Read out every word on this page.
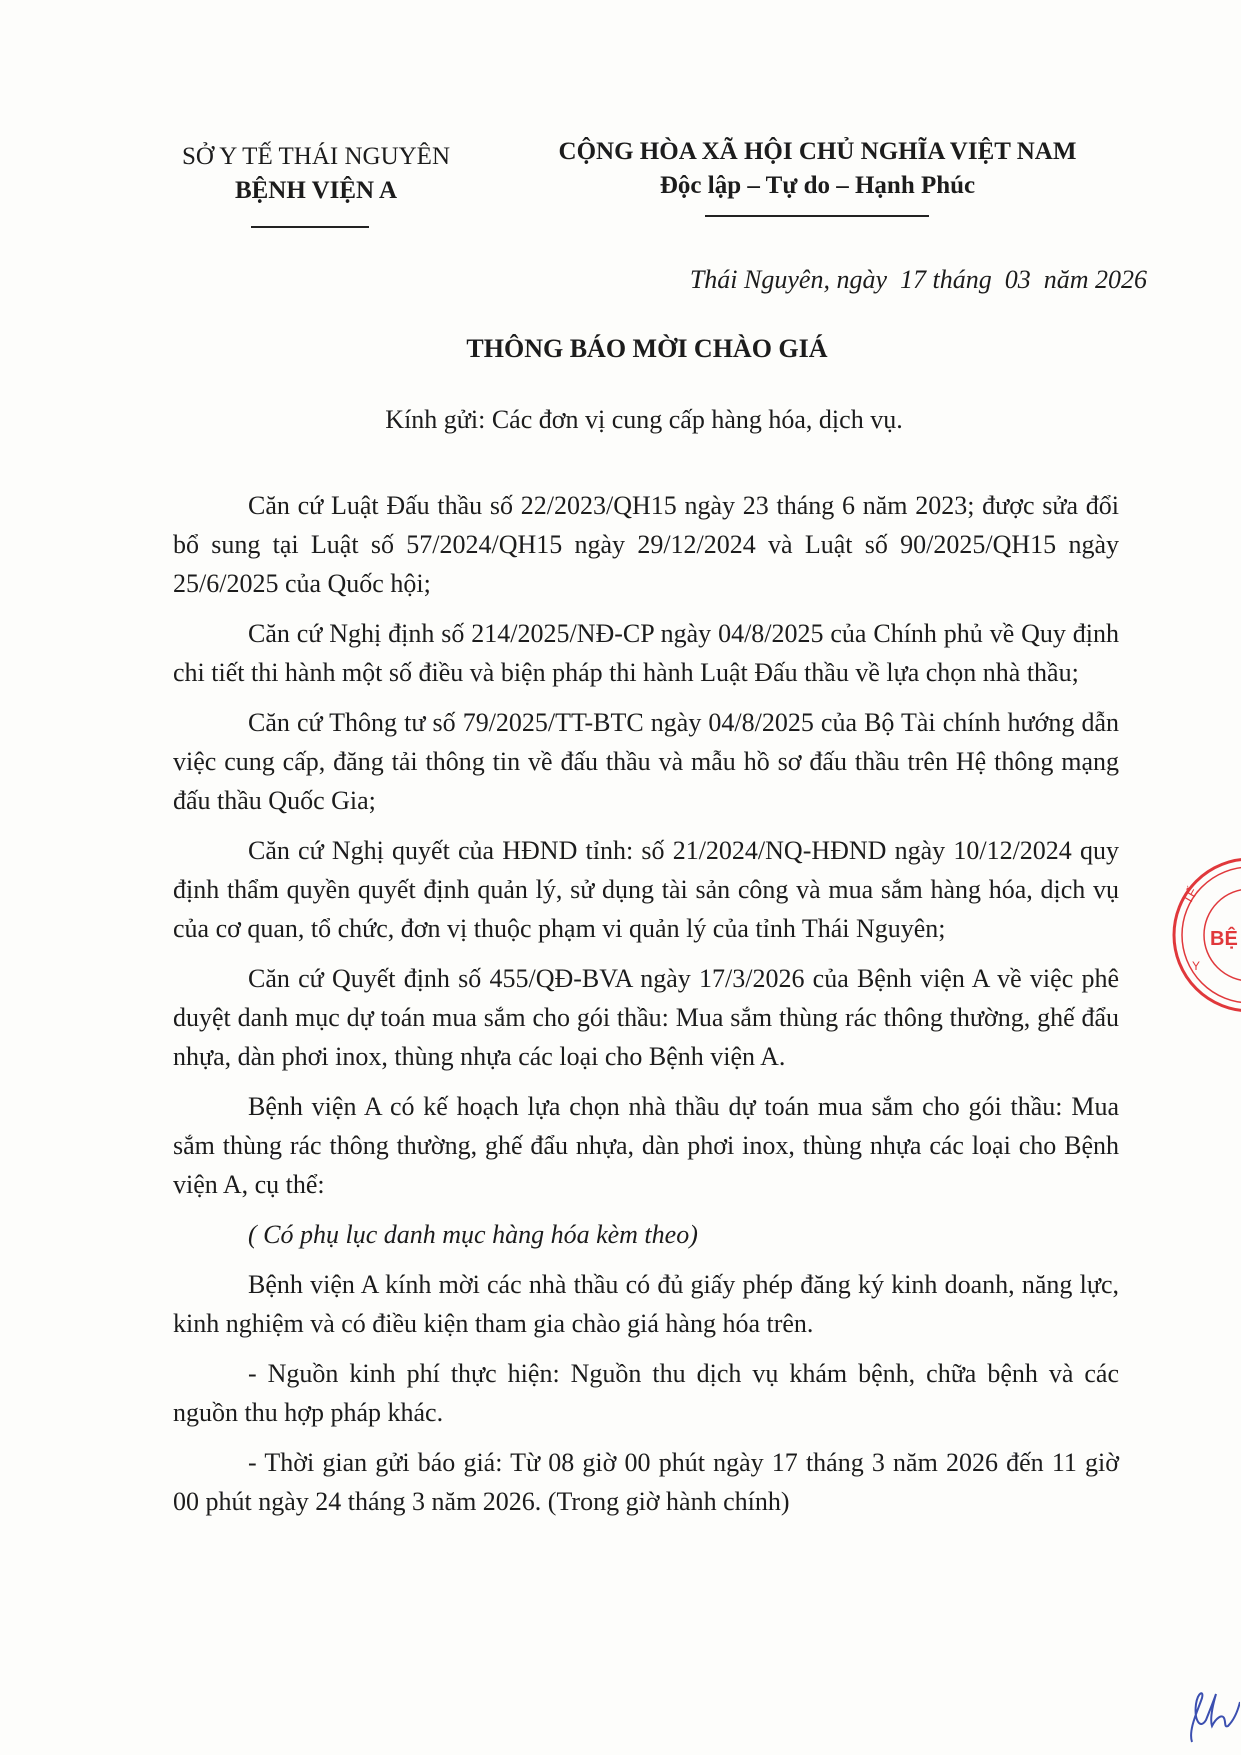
SỞ Y TẾ THÁI NGUYÊN
BỆNH VIỆN A
CỘNG HÒA XÃ HỘI CHỦ NGHĨA VIỆT NAM
Độc lập – Tự do – Hạnh Phúc
Thái Nguyên, ngày  17 tháng  03  năm 2026
THÔNG BÁO MỜI CHÀO GIÁ
Kính gửi: Các đơn vị cung cấp hàng hóa, dịch vụ.

Căn cứ Luật Đấu thầu số 22/2023/QH15 ngày 23 tháng 6 năm 2023; được sửa đổi bổ sung tại Luật số 57/2024/QH15 ngày 29/12/2024 và Luật số 90/2025/QH15 ngày 25/6/2025 của Quốc hội;

Căn cứ Nghị định số 214/2025/NĐ-CP ngày 04/8/2025 của Chính phủ về Quy định chi tiết thi hành một số điều và biện pháp thi hành Luật Đấu thầu về lựa chọn nhà thầu;

Căn cứ Thông tư số 79/2025/TT-BTC ngày 04/8/2025 của Bộ Tài chính hướng dẫn việc cung cấp, đăng tải thông tin về đấu thầu và mẫu hồ sơ đấu thầu trên Hệ thông mạng đấu thầu Quốc Gia;

Căn cứ Nghị quyết của HĐND tỉnh: số 21/2024/NQ-HĐND ngày 10/12/2024 quy định thẩm quyền quyết định quản lý, sử dụng tài sản công và mua sắm hàng hóa, dịch vụ của cơ quan, tổ chức, đơn vị thuộc phạm vi quản lý của tỉnh Thái Nguyên;

Căn cứ Quyết định số 455/QĐ-BVA ngày 17/3/2026 của Bệnh viện A về việc phê duyệt danh mục dự toán mua sắm cho gói thầu: Mua sắm thùng rác thông thường, ghế đẩu nhựa, dàn phơi inox, thùng nhựa các loại cho Bệnh viện A.

Bệnh viện A có kế hoạch lựa chọn nhà thầu dự toán mua sắm cho gói thầu: Mua sắm thùng rác thông thường, ghế đẩu nhựa, dàn phơi inox, thùng nhựa các loại cho Bệnh viện A, cụ thể:

( Có phụ lục danh mục hàng hóa kèm theo)

Bệnh viện A kính mời các nhà thầu có đủ giấy phép đăng ký kinh doanh, năng lực, kinh nghiệm và có điều kiện tham gia chào giá hàng hóa trên.

- Nguồn kinh phí thực hiện: Nguồn thu dịch vụ khám bệnh, chữa bệnh và các nguồn thu hợp pháp khác.

- Thời gian gửi báo giá: Từ 08 giờ 00 phút ngày 17 tháng 3 năm 2026 đến 11 giờ 00 phút ngày 24 tháng 3 năm 2026. (Trong giờ hành chính)

BỆ
TẾ
Y
